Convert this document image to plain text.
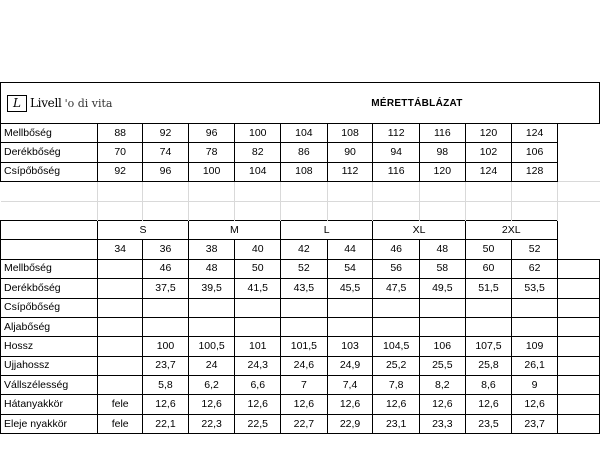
L Livell 'o di vita				MÉRETTÁBLÁZAT							
Mellbőség	88	92	96	100	104	108	112	116	120	124	
Derékbőség	70	74	78	82	86	90	94	98	102	106	
Csípőbőség	92	96	100	104	108	112	116	120	124	128	

	S		M		L		XL		2XL		
	34	36	38	40	42	44	46	48	50	52	
Mellbőség		46	48	50	52	54	56	58	60	62	
Derékbőség		37,5	39,5	41,5	43,5	45,5	47,5	49,5	51,5	53,5	
Csípőbőség											
Aljabőség											
Hossz		100	100,5	101	101,5	103	104,5	106	107,5	109	
Ujjahossz		23,7	24	24,3	24,6	24,9	25,2	25,5	25,8	26,1	
Vállszélesség		5,8	6,2	6,6	7	7,4	7,8	8,2	8,6	9	
Hátanyakkör	fele	12,6	12,6	12,6	12,6	12,6	12,6	12,6	12,6	12,6	
Eleje nyakkör	fele	22,1	22,3	22,5	22,7	22,9	23,1	23,3	23,5	23,7	
